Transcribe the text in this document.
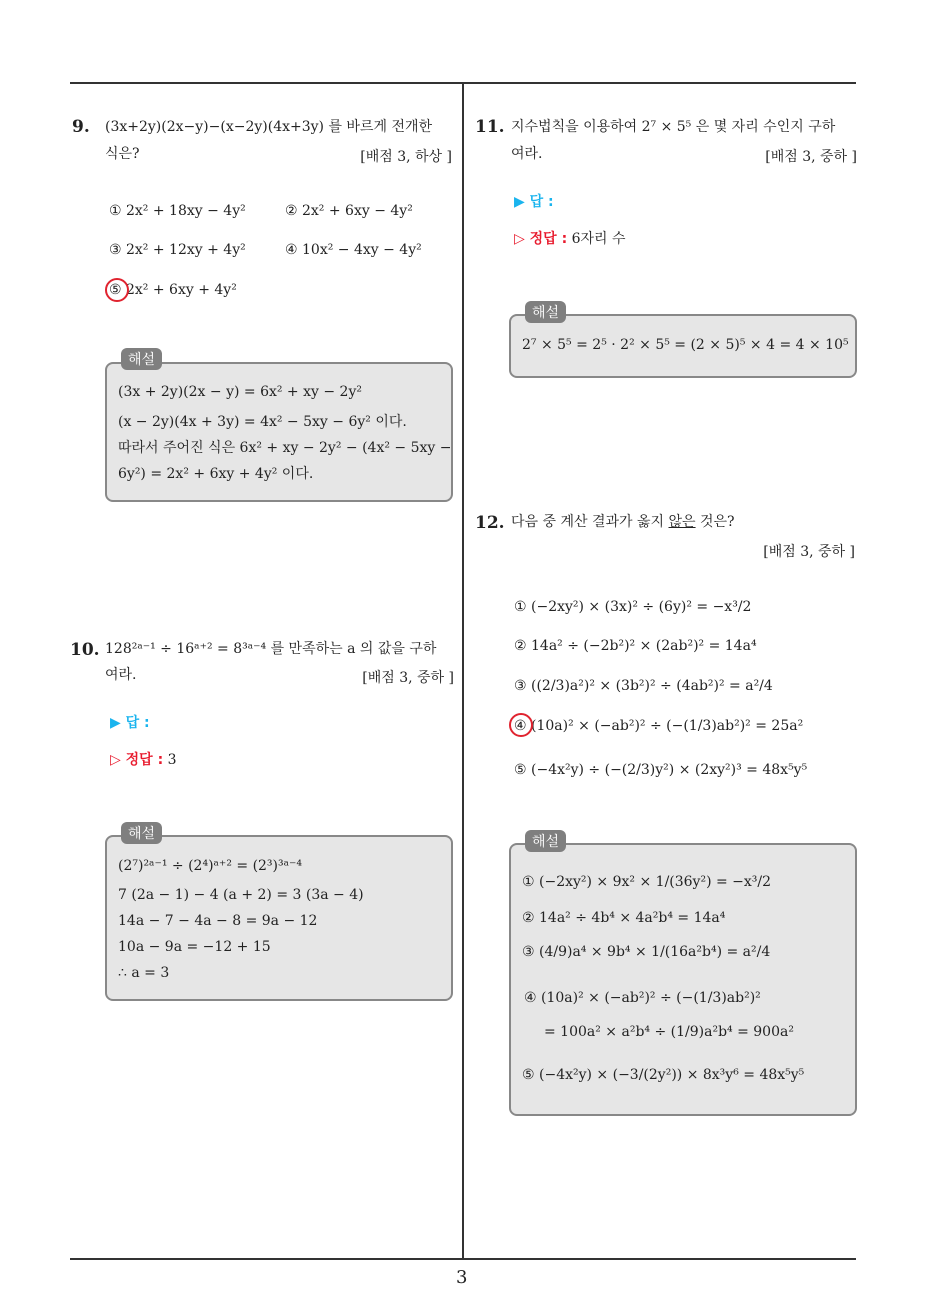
9. (3x+2y)(2x−y)−(x−2y)(4x+3y) 를 바르게 전개한
식은?	[배점 3, 하상 ]
① 2x² + 18xy − 4y²	② 2x² + 6xy − 4y²
③ 2x² + 12xy + 4y²	④ 10x² − 4xy − 4y²
⑤ 2x² + 6xy + 4y²
해설
(3x + 2y)(2x − y) = 6x² + xy − 2y²
(x − 2y)(4x + 3y) = 4x² − 5xy − 6y² 이다.
따라서 주어진 식은 6x² + xy − 2y² − (4x² − 5xy −
6y²) = 2x² + 6xy + 4y² 이다.
10. 128²ᵃ⁻¹ ÷ 16ᵃ⁺² = 8³ᵃ⁻⁴ 를 만족하는 a 의 값을 구하
여라.	[배점 3, 중하 ]
▶ 답 :
▷ 정답 : 3
해설
(2⁷)²ᵃ⁻¹ ÷ (2⁴)ᵃ⁺² = (2³)³ᵃ⁻⁴
7 (2a − 1) − 4 (a + 2) = 3 (3a − 4)
14a − 7 − 4a − 8 = 9a − 12
10a − 9a = −12 + 15
∴ a = 3
11. 지수법칙을 이용하여 2⁷ × 5⁵ 은 몇 자리 수인지 구하
여라.	[배점 3, 중하 ]
▶ 답 :
▷ 정답 : 6자리 수
해설
2⁷ × 5⁵ = 2⁵ · 2² × 5⁵ = (2 × 5)⁵ × 4 = 4 × 10⁵
12. 다음 중 계산 결과가 옳지 않은 것은?
[배점 3, 중하 ]
① (−2xy²) × (3x)² ÷ (6y)² = −x³/2
② 14a² ÷ (−2b²)² × (2ab²)² = 14a⁴
③ ((2/3)a²)² × (3b²)² ÷ (4ab²)² = a²/4
④ (10a)² × (−ab²)² ÷ (−(1/3)ab²)² = 25a²
⑤ (−4x²y) ÷ (−(2/3)y²) × (2xy²)³ = 48x⁵y⁵
해설
① (−2xy²) × 9x² × 1/(36y²) = −x³/2
② 14a² ÷ 4b⁴ × 4a²b⁴ = 14a⁴
③ (4/9)a⁴ × 9b⁴ × 1/(16a²b⁴) = a²/4
④ (10a)² × (−ab²)² ÷ (−(1/3)ab²)²
= 100a² × a²b⁴ ÷ (1/9)a²b⁴ = 900a²
⑤ (−4x²y) × (−3/(2y²)) × 8x³y⁶ = 48x⁵y⁵
3
